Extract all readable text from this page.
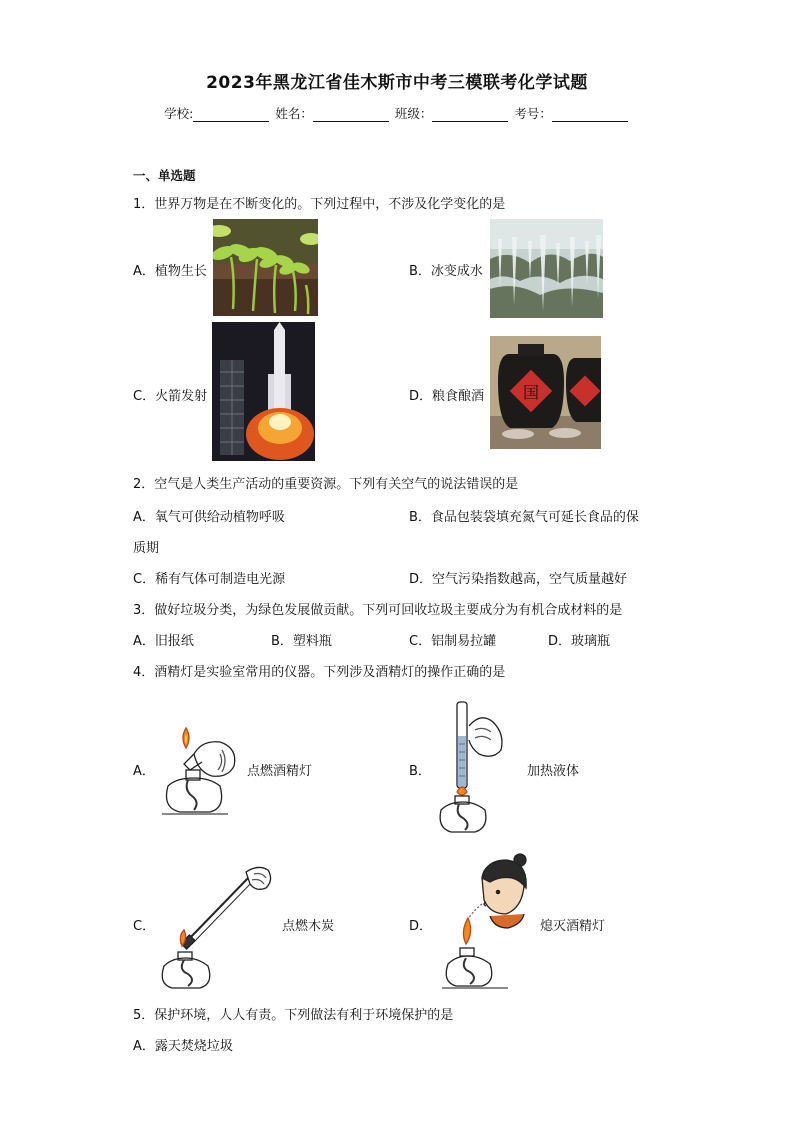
2023年黑龙江省佳木斯市中考三模联考化学试题
学校:	姓名：	班级：	考号：
一、单选题
1．世界万物是在不断变化的。下列过程中，不涉及化学变化的是
A．植物生长	B．冰变成水
C．火箭发射	D．粮食酿酒 国
2．空气是人类生产活动的重要资源。下列有关空气的说法错误的是
A．氧气可供给动植物呼吸	B．食品包装袋填充氮气可延长食品的保
质期
C．稀有气体可制造电光源	D．空气污染指数越高，空气质量越好
3．做好垃圾分类，为绿色发展做贡献。下列可回收垃圾主要成分为有机合成材料的是
A．旧报纸	B．塑料瓶	C．铝制易拉罐	D．玻璃瓶
4．酒精灯是实验室常用的仪器。下列涉及酒精灯的操作正确的是
A．	点燃酒精灯	B．	加热液体
C．	点燃木炭	D．	熄灭酒精灯
5．保护环境，人人有责。下列做法有利于环境保护的是
A．露天焚烧垃圾
